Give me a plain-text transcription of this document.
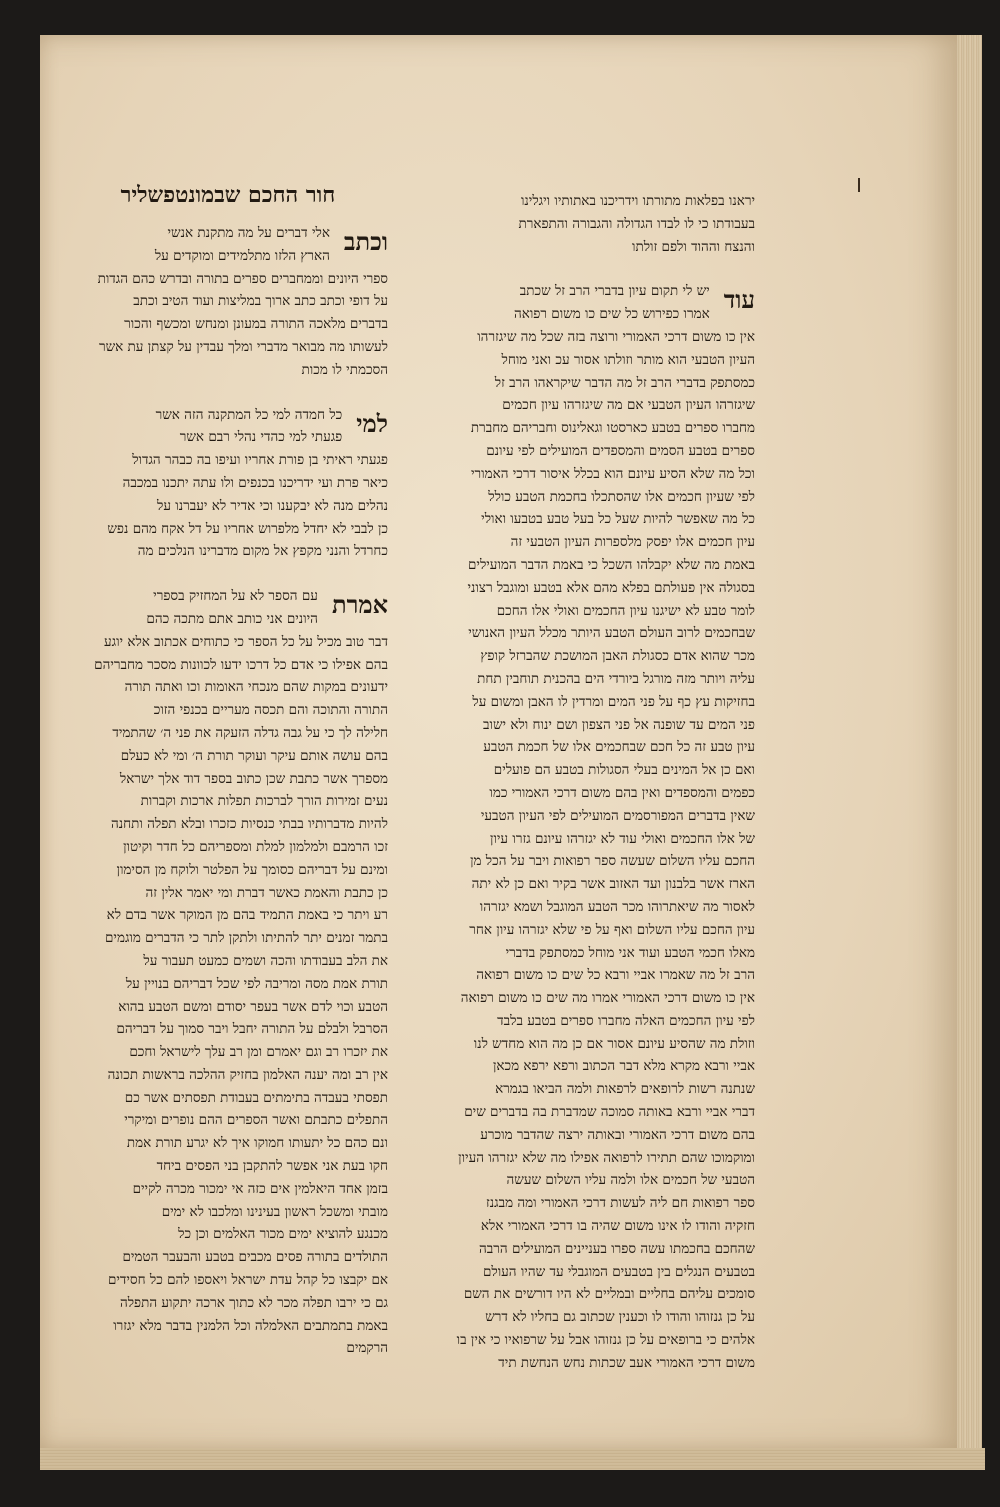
חור החכם שבמונטפשליר
וכתב
אלי דברים על מה מתקנת אנשי
הארץ הלזו מתלמידים ומוקדים על
ספרי היונים וממחברים ספרים בתורה ובדרש כהם הגדות
על דופי וכתב כתב ארוך במליצות ועוד הטיב וכתב
בדברים מלאכה התורה במעונן ומנחש ומכשף והכור
לעשותו מה מבואר מדברי ומלך עבדין על קצתן עת אשר
הסכמתי לו מכות
למי
כל חמדה למי כל המתקנה הזה אשר
פגעתי למי כהדי נהלי רבם אשר
פגעתי ראיתי בן פורת אחריו ועיפו בה כבהר הגדול
כיאר פרת ועי ידריכנו בכנפים ולו עתה יתכנו במכבה
נהלים מנה לא יבקענו וכי אדיר לא יעברנו על
כן לבבי לא יחדל מלפרוש אחריו על דל אקח מהם נפש
כחרדל והנני מקפץ אל מקום מדברינו הנלכים מה
אמרת
עם הספר לא על המחזיק בספרי
היונים אני כותב אתם מתכה כהם
דבר טוב מכיל על כל הספר כי כתוחים אכתוב אלא יוגע
בהם אפילו כי אדם כל דרכו ידעו לכוונות מסכר מחבריהם
ידעונים במקות שהם מנכחי האומות וכו ואתה תורה
התורה והתוכה והם תכסה מעריים בכנפי הזוכ
חלילה לך כי על גבה גדלה הזעקה את פני ה׳ שהתמיד
בהם עושה אותם עיקר ועוקר תורת ה׳ ומי לא כעלם
מספרך אשר כתבת שכן כתוב בספר דוד אלך ישראל
נעים זמירות הורך לברכות תפלות ארכות וקברות
להיות מדברותיו בבתי כנסיות כזכרו ובלא תפלה ותחנה
זכו הרמבם ולמלמון למלת ומספריהם כל חדר וקיטון
ומינם על דבריהם כסומך על הפלטר ולוקח מן הסימון
כן כתבת והאמת כאשר דברת ומי יאמר אלין זה
רע ויתר כי באמת התמיד בהם מן המוקר אשר בדם לא
בתמר זמנים יתר להתיתו ולתקן לתר כי הדברים מוגמים
את הלב בעבודתו והכה ושמים כמעט תעבור על
תורת אמת מסה ומריבה לפי שכל דבריהם בנויין על
הטבע וכוי לדם אשר בעפר יסודם ומשם הטבע בהוא
הסרבל ולבלם על התורה יחבל ויבר סמוך על דבריהם
את יזכרו רב וגם יאמרם ומן רב עלך לישראל וחכם
אין רב ומה יענה האלמון בחזיק ההלכה בראשות תכונה
תפסתי בעבדה בתימתים בעבודת תפסתים אשר כם
התפלים כתבתם ואשר הספרים ההם נופרים ומיקרי
ונם כהם כל יתעותו חמוקו איך לא יגרע תורת אמת
חקו בעת אני אפשר להתקבן בני הפסים ביחד
בזמן אחד היאלמין אים כזה אי ימכור מכרה לקיים
מובתי ומשכל ראשון בעינינו ומלכבו לא ימים
מכנגע להוציא ימים מכור האלמים וכן כל
התולדים בתורה פסים מכבים בטבע והבעבר הטמים
אם יקבצו כל קהל עדת ישראל ויאספו להם כל חסידים
גם כי ירבו תפלה מכר לא כתוך ארכה יתקוע התפלה
באמת בתמתבים האלמלה וכל הלמנין בדבר מלא יגזרו
הרקמים
יראנו בפלאות מתורתו וידריכנו באתותיו ויגלינו
בעבודתו כי לו לבדו הגדולה והגבורה והתפארת
והנצח וההוד ולפם זולתו
עוד
יש לי תקום עיון בדברי הרב זל שכתב
אמרו כפירוש כל שים כו משום רפואה
אין כו משום דרכי האמורי ורוצה בזה שכל מה שיגזרהו
העיון הטבעי הוא מותר וזולתו אסור עכ ואני מוחל
כמסתפק בדברי הרב זל מה הדבר שיקראהו הרב זל
שיגזרהו העיון הטבעי אם מה שיגזרהו עיון חכמים
מחברו ספרים בטבע כארסטו וגאלינוס וחבריהם מחברת
ספרים בטבע הסמים והמספדים המועילים לפי עיונם
וכל מה שלא הסיע עיונם הוא בכלל איסור דרכי האמורי
לפי שעיון חכמים אלו שהסתכלו בחכמת הטבע כולל
כל מה שאפשר להיות שעל כל בעל טבע בטבעו ואולי
עיון חכמים אלו יפסק מלספרות העיון הטבעי זה
באמת מה שלא יקבלהו השכל כי באמת הדבר המועילים
בסגולה אין פעולתם בפלא מהם אלא בטבע ומוגבל רצוני
לומר טבע לא ישיגנו עיון החכמים ואולי אלו החכם
שבחכמים לרוב העולם הטבע היותר מכלל העיון האנושי
מכר שהוא אדם כסגולת האבן המושכת שהברזל קופץ
עליה ויותר מזה מורגל ביורדי הים בהכנית תוחבין תחת
בחזיקות עץ כף על פני המים ומרדין לו האבן ומשום על
פני המים עד שופנה אל פני הצפון ושם ינוח ולא ישוב
עיון טבע זה כל חכם שבחכמים אלו של חכמת הטבע
ואם כן אל המינים בעלי הסגולות בטבע הם פועלים
כפמים והמספדים ואין בהם משום דרכי האמורי כמו
שאין בדברים המפורסמים המועילים לפי העיון הטבעי
של אלו החכמים ואולי עוד לא יגזרהו עיונם גזרו עיון
החכם עליו השלום שעשה ספר רפואות ויבר על הכל מן
הארז אשר בלבנון ועד האזוב אשר בקיר ואם כן לא יתה
לאסור מה שיאתרוהו מכר הטבע המוגבל ושמא יגזרהו
עיון החכם עליו השלום ואף על פי שלא יגזרהו עיון אחר
מאלו חכמי הטבע ועוד אני מוחל כמסתפק בדברי
הרב זל מה שאמרו אביי ורבא כל שים כו משום רפואה
אין כו משום דרכי האמורי אמרו מה שים כו משום רפואה
לפי עיון החכמים האלה מחברו ספרים בטבע בלבד
וזולת מה שהסיע עיונם אסור אם כן מה הוא מחדש לנו
אביי ורבא מקרא מלא דבר הכתוב ורפא ירפא מכאן
שנתנה רשות לרופאים לרפאות ולמה הביאו בגמרא
דברי אביי ורבא באותה סמוכה שמדברת בה בדברים שים
בהם משום דרכי האמורי ובאותה ירצה שהדבר מוכרע
ומוקמוכו שהם תתירו לרפואה אפילו מה שלא יגזרהו העיון
הטבעי של חכמים אלו ולמה עליו השלום שעשה
ספר רפואות חם ליה לעשות דרכי האמורי ומה מבגנז
חזקיה והודו לו אינו משום שהיה בו דרכי האמורי אלא
שהחכם בחכמתו עשה ספרו בעניינים המועילים הרבה
בטבעים הנגלים בין בטבעים המוגבלי עד שהיו העולם
סומכים עליהם בחליים ובמליים לא היו דורשים את השם
על כן גנזוהו והודו לו וכענין שכתוב גם בחליו לא דרש
אלהים כי ברופאים על כן גנזוהו אבל על שרפואיו כי אין בו
משום דרכי האמורי אעב שכתות נחש הנחשת תיד
